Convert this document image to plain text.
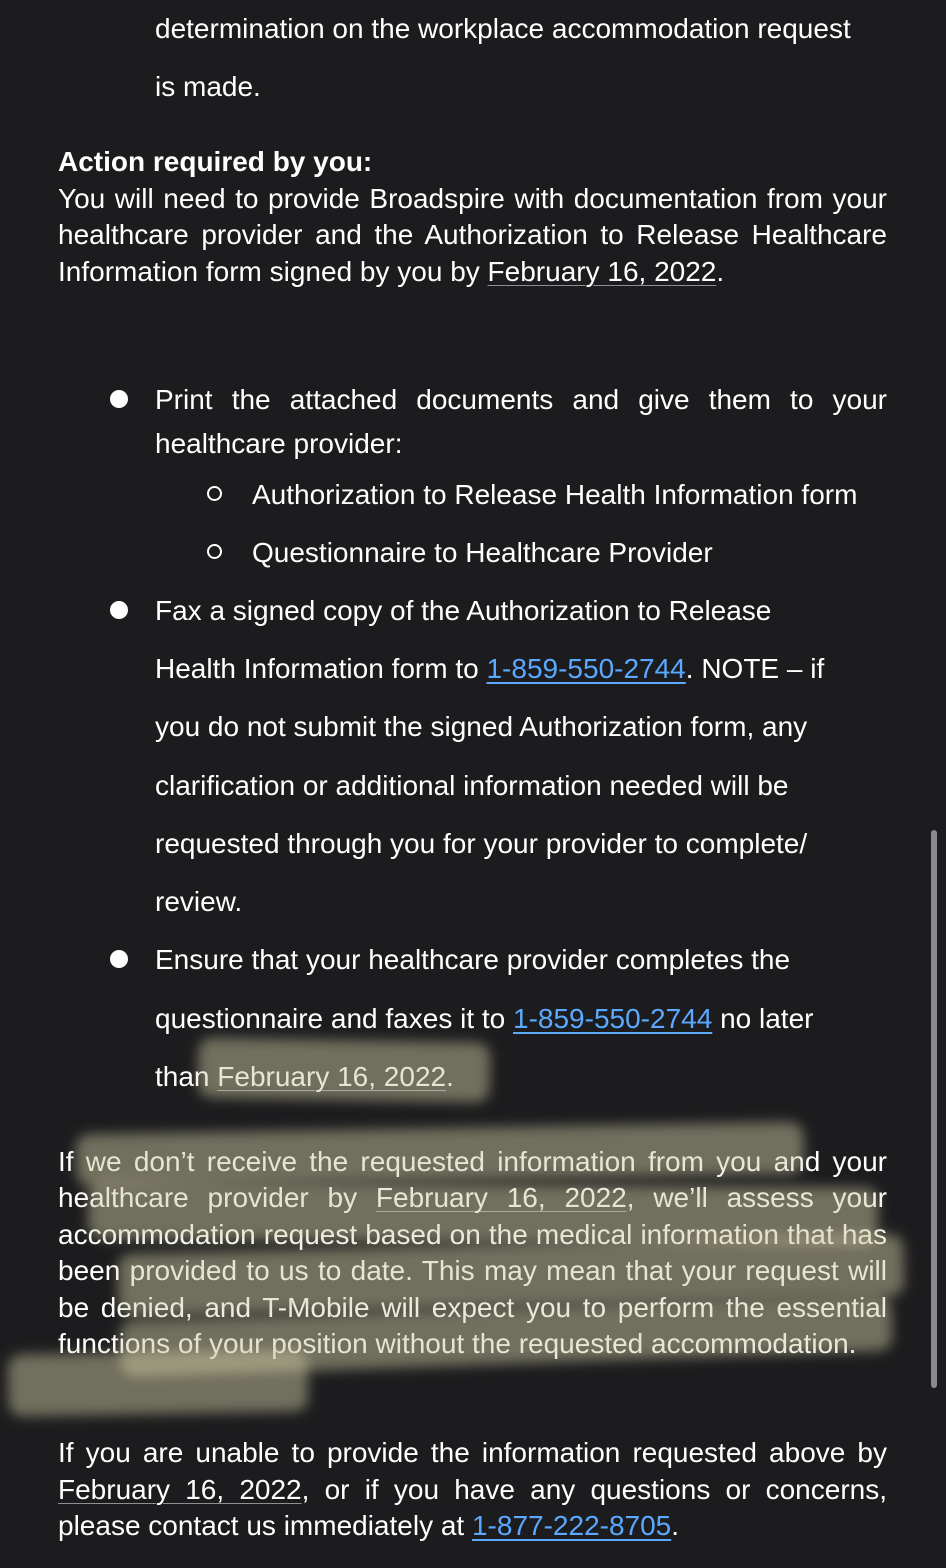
determination on the workplace accommodation request
is made.
Action required by you:
You will need to provide Broadspire with documentation from your healthcare provider and the Authorization to Release Healthcare Information form signed by you by February 16, 2022.
Print the attached documents and give them to your healthcare provider:
Authorization to Release Health Information form
Questionnaire to Healthcare Provider
Fax a signed copy of the Authorization to Release
Health Information form to 1-859-550-2744. NOTE – if
you do not submit the signed Authorization form, any
clarification or additional information needed will be
requested through you for your provider to complete/
review.
Ensure that your healthcare provider completes the
questionnaire and faxes it to 1-859-550-2744 no later
than February 16, 2022.
If we don’t receive the requested information from you and your healthcare provider by February 16, 2022, we’ll assess your accommodation request based on the medical information that has been provided to us to date. This may mean that your request will be denied, and T-Mobile will expect you to perform the essential functions of your position without the requested accommodation.
If you are unable to provide the information requested above by February 16, 2022, or if you have any questions or concerns, please contact us immediately at 1-877-222-8705.
